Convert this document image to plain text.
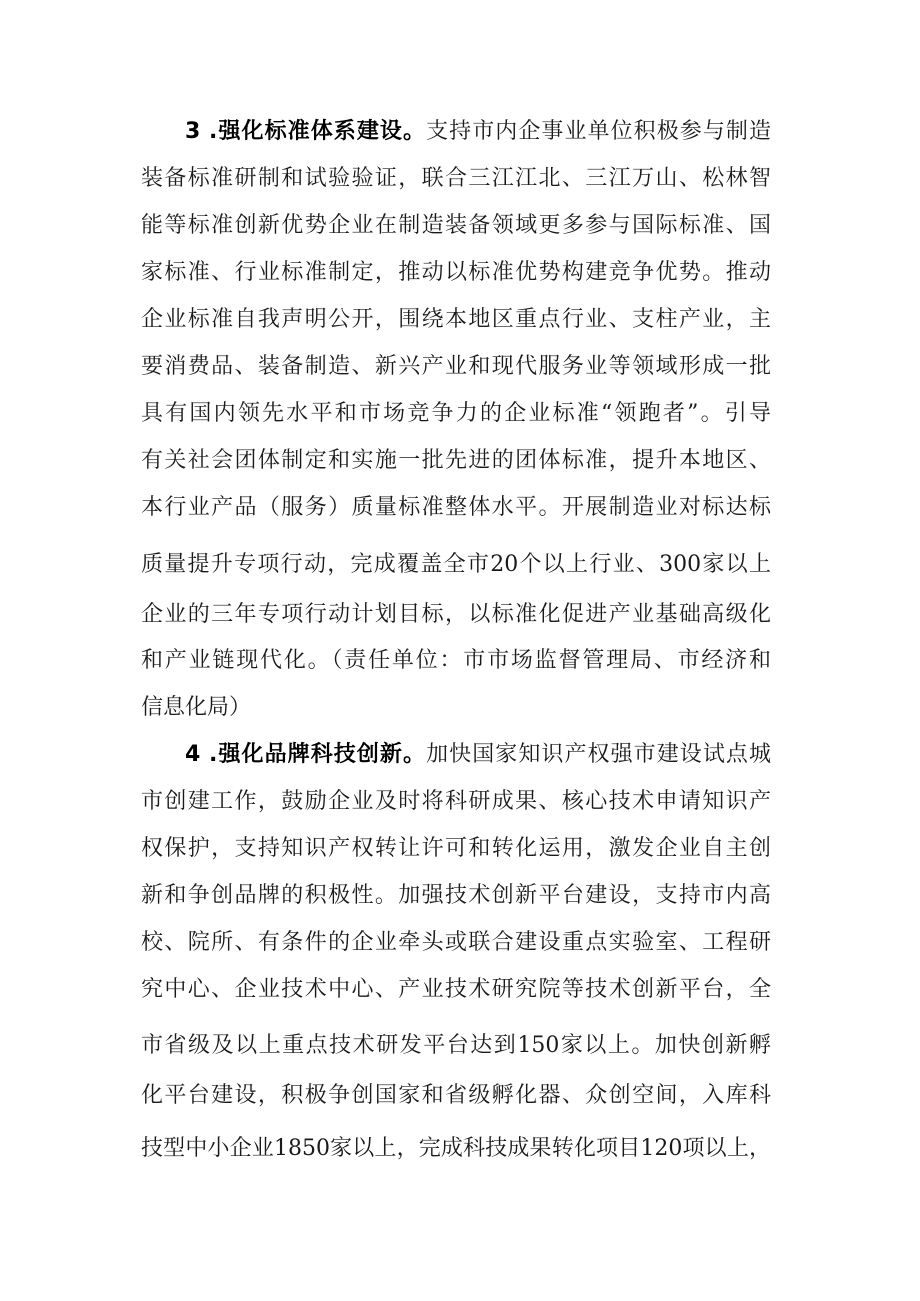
3 .强化标准体系建设。支持市内企事业单位积极参与制造
装备标准研制和试验验证，联合三江江北、三江万山、松林智
能等标准创新优势企业在制造装备领域更多参与国际标准、国
家标准、行业标准制定，推动以标准优势构建竞争优势。推动
企业标准自我声明公开，围绕本地区重点行业、支柱产业，主
要消费品、装备制造、新兴产业和现代服务业等领域形成一批
具有国内领先水平和市场竞争力的企业标准“领跑者”。引导
有关社会团体制定和实施一批先进的团体标准，提升本地区、
本行业产品（服务）质量标准整体水平。开展制造业对标达标
质量提升专项行动，完成覆盖全市20个以上行业、300家以上
企业的三年专项行动计划目标，以标准化促进产业基础高级化
和产业链现代化。（责任单位：市市场监督管理局、市经济和
信息化局）
4 .强化品牌科技创新。加快国家知识产权强市建设试点城
市创建工作，鼓励企业及时将科研成果、核心技术申请知识产
权保护，支持知识产权转让许可和转化运用，激发企业自主创
新和争创品牌的积极性。加强技术创新平台建设，支持市内高
校、院所、有条件的企业牵头或联合建设重点实验室、工程研
究中心、企业技术中心、产业技术研究院等技术创新平台，全
市省级及以上重点技术研发平台达到150家以上。加快创新孵
化平台建设，积极争创国家和省级孵化器、众创空间，入库科
技型中小企业1850家以上，完成科技成果转化项目120项以上，
